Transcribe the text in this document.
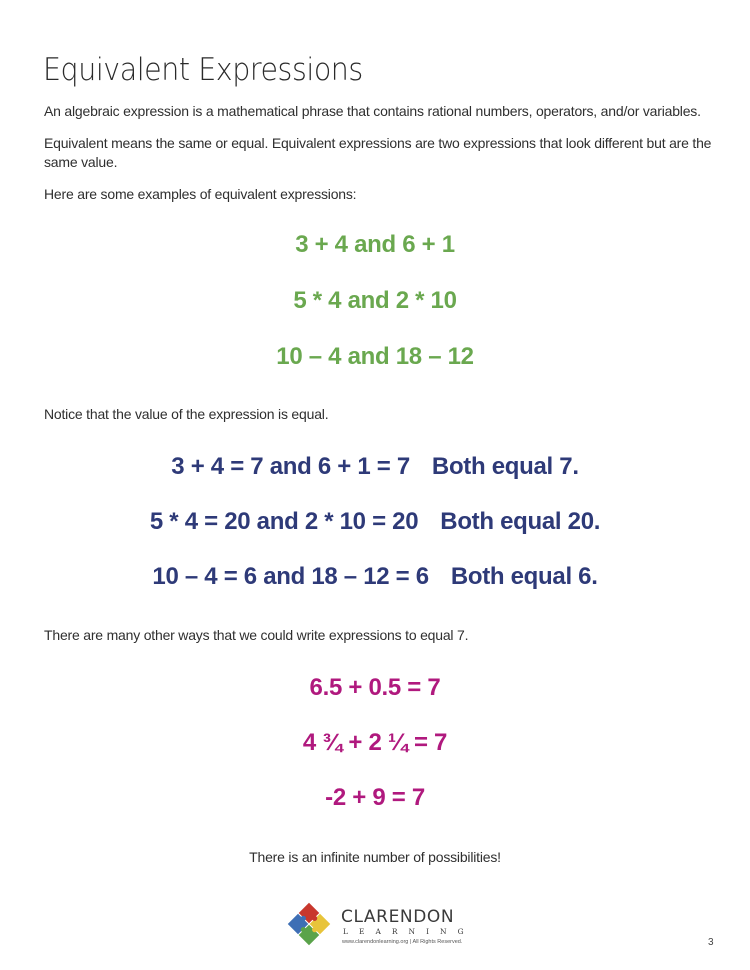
Equivalent Expressions

An algebraic expression is a mathematical phrase that contains rational numbers, operators, and/or variables.

Equivalent means the same or equal. Equivalent expressions are two expressions that look different but are the same value.

Here are some examples of equivalent expressions:

3 + 4 and 6 + 1

5 * 4 and 2 * 10

10 – 4 and 18 – 12

Notice that the value of the expression is equal.

3 + 4 = 7 and 6 + 1 = 7 Both equal 7.

5 * 4 = 20 and 2 * 10 = 20 Both equal 20.

10 – 4 = 6 and 18 – 12 = 6 Both equal 6.

There are many other ways that we could write expressions to equal 7.

6.5 + 0.5 = 7

4 ¾ + 2 ¼ = 7

-2 + 9 = 7

There is an infinite number of possibilities!

CLARENDON
LEARNING
www.clarendonlearning.org | All Rights Reserved.	3
